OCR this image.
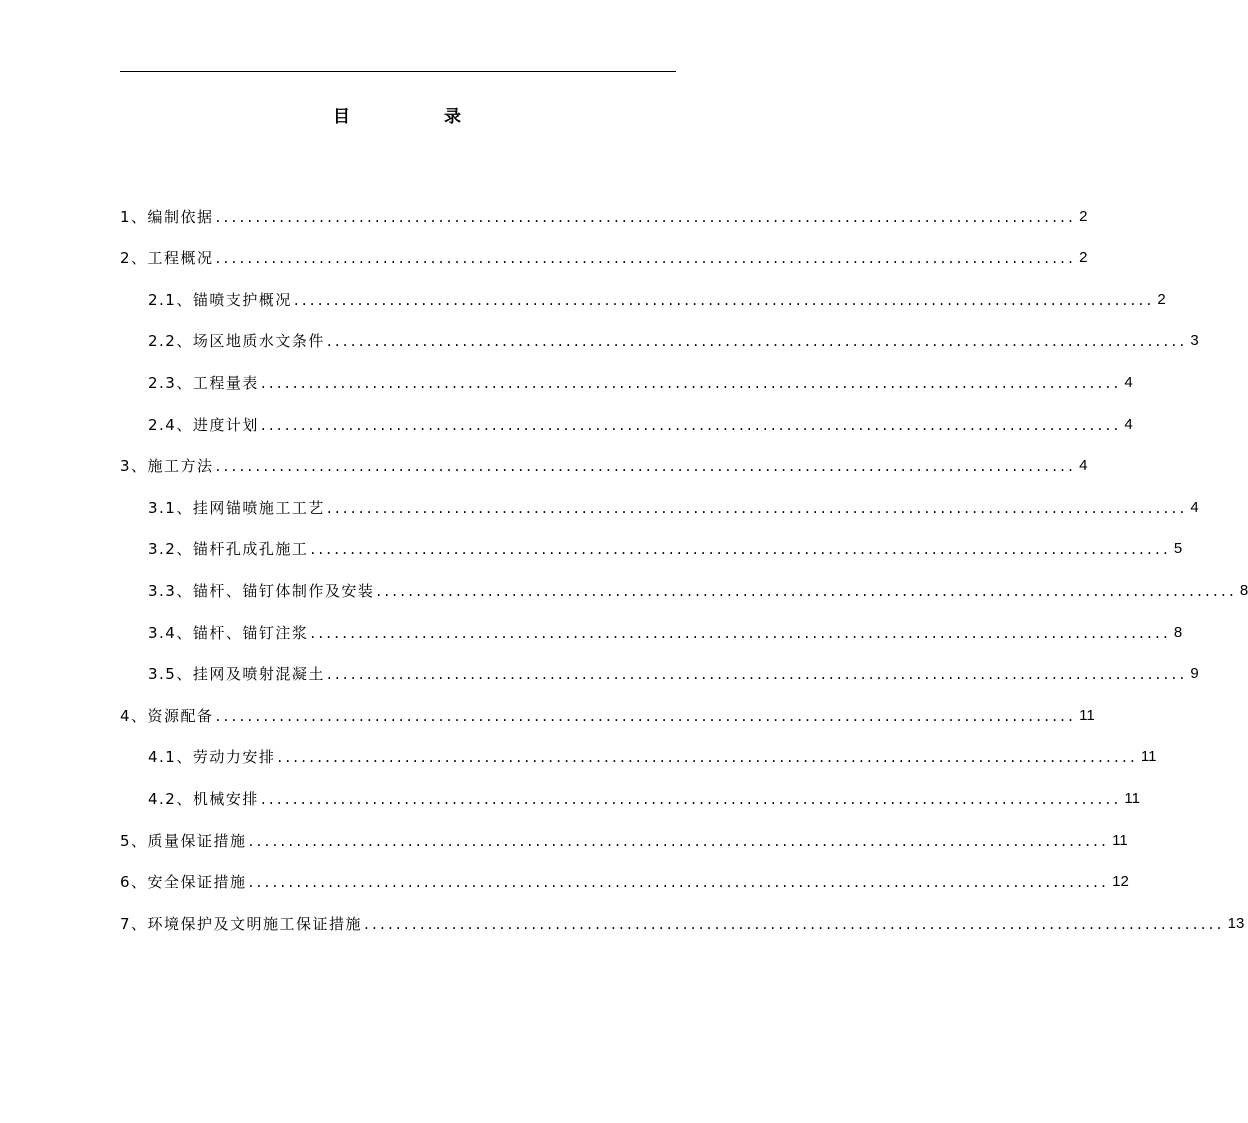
目 录
1、编制依据 ............................................................................................................ 2
2、工程概况 ............................................................................................................ 2
2.1、锚喷支护概况 ............................................................................................................ 2
2.2、场区地质水文条件 ............................................................................................................ 3
2.3、工程量表 ............................................................................................................ 4
2.4、进度计划 ............................................................................................................ 4
3、施工方法 ............................................................................................................ 4
3.1、挂网锚喷施工工艺 ............................................................................................................ 4
3.2、锚杆孔成孔施工 ............................................................................................................ 5
3.3、锚杆、锚钉体制作及安装 ............................................................................................................ 8
3.4、锚杆、锚钉注浆 ............................................................................................................ 8
3.5、挂网及喷射混凝土 ............................................................................................................ 9
4、资源配备 ............................................................................................................ 11
4.1、劳动力安排 ............................................................................................................ 11
4.2、机械安排 ............................................................................................................ 11
5、质量保证措施 ............................................................................................................ 11
6、安全保证措施 ............................................................................................................ 12
7、环境保护及文明施工保证措施 ............................................................................................................ 13
